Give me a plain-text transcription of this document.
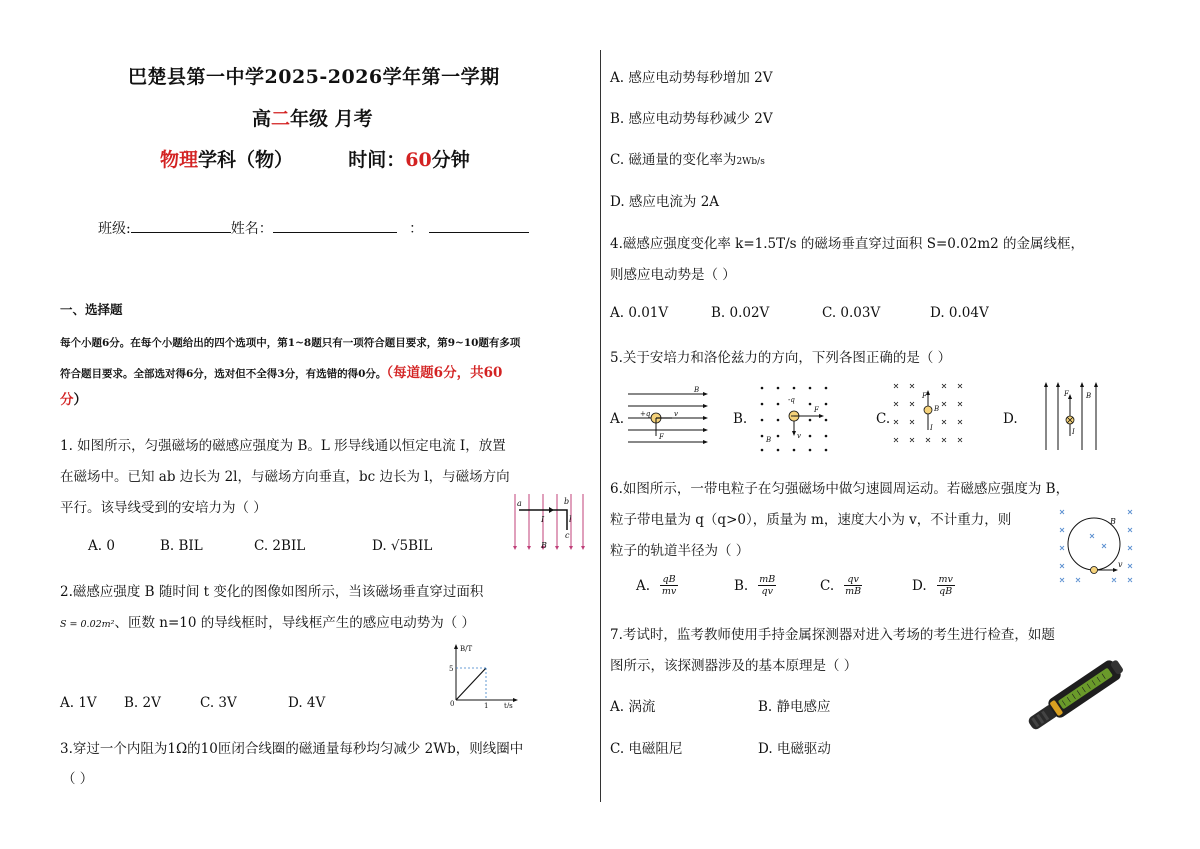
巴楚县第一中学2025-2026学年第一学期
高二年级 月考
物理学科（物）	时间：60分钟
班级:	姓名：	：
一、选择题
每个小题6分。在每个小题给出的四个选项中，第1~8题只有一项符合题目要求，第9~10题有多项
符合题目要求。全部选对得6分，选对但不全得3分，有选错的得0分。（每道题6分，共60
分）
1. 如图所示，匀强磁场的磁感应强度为 B。L 形导线通以恒定电流 I，放置
在磁场中。已知 ab 边长为 2l，与磁场方向垂直，bc 边长为 l，与磁场方向
平行。该导线受到的安培力为（ ）
A. 0	B. BIL	C. 2BIL	D. √5BIL
a	b
I	l
B
c
2.磁感应强度 B 随时间 t 变化的图像如图所示，当该磁场垂直穿过面积
S = 0.02m²、匝数 n=10 的导线框时，导线框产生的感应电动势为（ ）
A. 1V B. 2V	C. 3V	D. 4V
B/T
t/s
5
1
0
3.穿过一个内阻为1Ω的10匝闭合线圈的磁通量每秒均匀减少 2Wb，则线圈中
（ ）
A. 感应电动势每秒增加 2V
B. 感应电动势每秒减少 2V
C. 磁通量的变化率为2Wb/s
D. 感应电流为 2A
4.磁感应强度变化率 k=1.5T/s 的磁场垂直穿过面积 S=0.02m2 的金属线框，
则感应电动势是（ ）
A. 0.01V	B. 0.02V	C. 0.03V	D. 0.04V
5.关于安培力和洛伦兹力的方向，下列各图正确的是（ ）
A.	B.	C.	D.
B
+q	v
F
-q
F
v
B
F
B
I
F
I
B
6.如图所示，一带电粒子在匀强磁场中做匀速圆周运动。若磁感应强度为 B，
粒子带电量为 q（q>0），质量为 m，速度大小为 v，不计重力，则
粒子的轨道半径为（ ）
A. qB
mv	B. mB
qv	C. qv
mB	D. mv
qB
B
v
7.考试时，监考教师使用手持金属探测器对进入考场的考生进行检查，如题
图所示，该探测器涉及的基本原理是（ ）
A. 涡流	B. 静电感应
C. 电磁阻尼	D. 电磁驱动
